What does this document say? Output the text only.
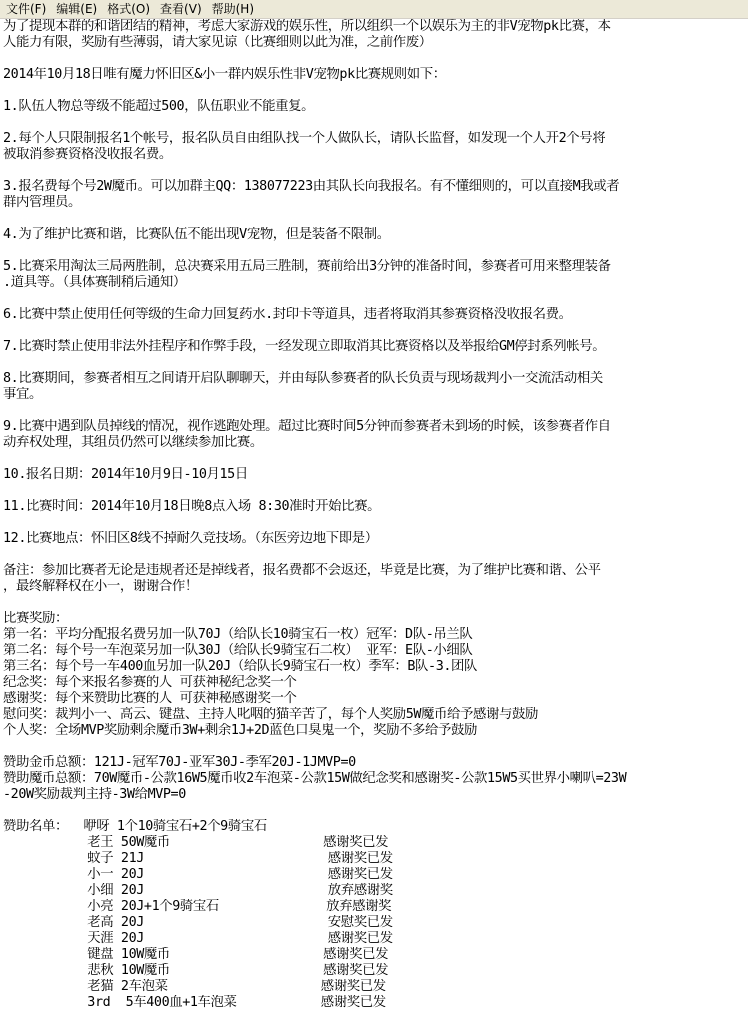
文件(F) 编辑(E) 格式(O) 查看(V) 帮助(H)
为了提现本群的和谐团结的精神，考虑大家游戏的娱乐性，所以组织一个以娱乐为主的非V宠物pk比赛，本
人能力有限，奖励有些薄弱，请大家见谅（比赛细则以此为准，之前作废）
2014年10月18日唯有魔力怀旧区&小一群内娱乐性非V宠物pk比赛规则如下：
1.队伍人物总等级不能超过500，队伍职业不能重复。
2.每个人只限制报名1个帐号，报名队员自由组队找一个人做队长，请队长监督，如发现一个人开2个号将
被取消参赛资格没收报名费。
3.报名费每个号2W魔币。可以加群主QQ：138077223由其队长向我报名。有不懂细则的，可以直接M我或者
群内管理员。
4.为了维护比赛和谐，比赛队伍不能出现V宠物，但是装备不限制。
5.比赛采用淘汰三局两胜制，总决赛采用五局三胜制，赛前给出3分钟的准备时间，参赛者可用来整理装备
.道具等。（具体赛制稍后通知）
6.比赛中禁止使用任何等级的生命力回复药水.封印卡等道具，违者将取消其参赛资格没收报名费。
7.比赛时禁止使用非法外挂程序和作弊手段，一经发现立即取消其比赛资格以及举报给GM停封系列帐号。
8.比赛期间，参赛者相互之间请开启队聊聊天，并由每队参赛者的队长负责与现场裁判小一交流活动相关
事宜。
9.比赛中遇到队员掉线的情况，视作逃跑处理。超过比赛时间5分钟而参赛者未到场的时候，该参赛者作自
动弃权处理，其组员仍然可以继续参加比赛。
10.报名日期：2014年10月9日-10月15日
11.比赛时间：2014年10月18日晚8点入场 8:30准时开始比赛。
12.比赛地点：怀旧区8线不掉耐久竞技场。（东医旁边地下即是）
备注：参加比赛者无论是违规者还是掉线者，报名费都不会返还，毕竟是比赛，为了维护比赛和谐、公平
，最终解释权在小一，谢谢合作！
比赛奖励：
第一名：平均分配报名费另加一队70J（给队长10骑宝石一枚）冠军：D队-吊兰队
第二名：每个号一车泡菜另加一队30J（给队长9骑宝石二枚） 亚军：E队-小细队
第三名：每个号一车400血另加一队20J（给队长9骑宝石一枚）季军：B队-3.团队
纪念奖：每个来报名参赛的人 可获神秘纪念奖一个
感谢奖：每个来赞助比赛的人 可获神秘感谢奖一个
慰问奖：裁判小一、高云、键盘、主持人叱咽的猫辛苦了，每个人奖励5W魔币给予感谢与鼓励
个人奖：全场MVP奖励剩余魔币3W+剩余1J+2D蓝色口臭鬼一个，奖励不多给予鼓励
赞助金币总额：121J-冠军70J-亚军30J-季军20J-1JMVP=0
赞助魔币总额：70W魔币-公款16W5魔币收2车泡菜-公款15W做纪念奖和感谢奖-公款15W5买世界小喇叭=23W
-20W奖励裁判主持-3W给MVP=0
赞助名单：  咿呀 1个10骑宝石+2个9骑宝石
老王 50W魔币                    感谢奖已发
蚊子 21J                        感谢奖已发
小一 20J                        感谢奖已发
小细 20J                        放弃感谢奖
小亮 20J+1个9骑宝石              放弃感谢奖
老高 20J                        安慰奖已发
天涯 20J                        感谢奖已发
键盘 10W魔币                    感谢奖已发
悲秋 10W魔币                    感谢奖已发
老猫 2车泡菜                    感谢奖已发
3rd  5车400血+1车泡菜           感谢奖已发
